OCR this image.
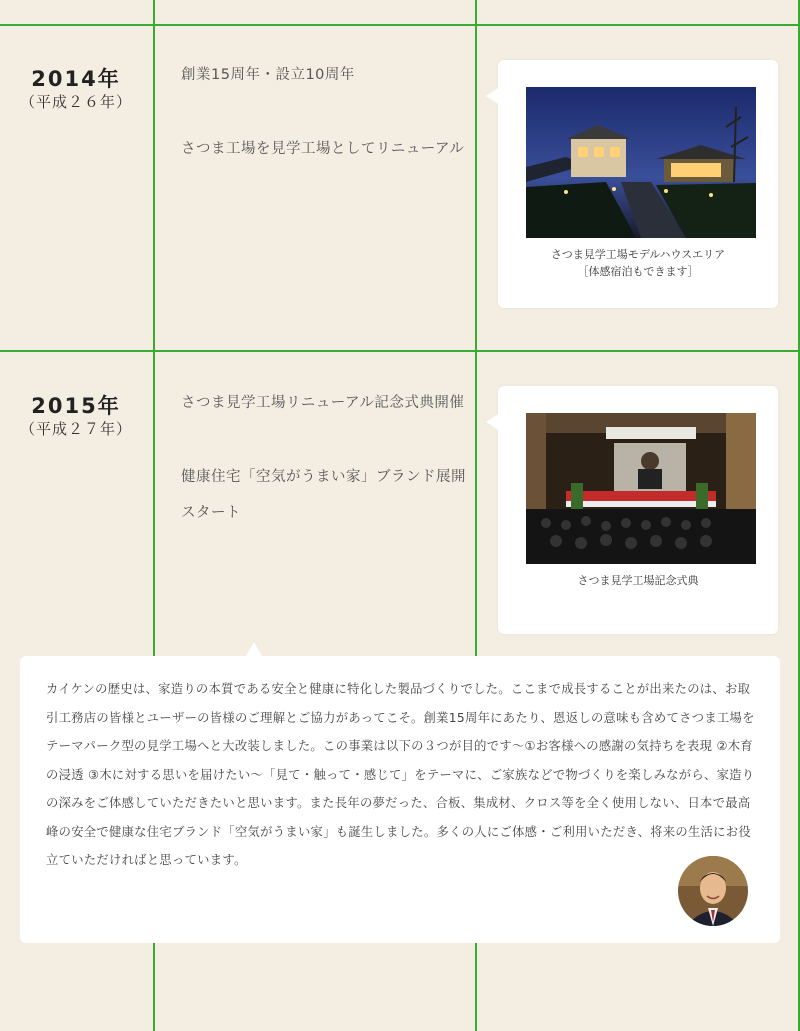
2014年
（平成２６年）
創業15周年・設立10周年
さつま工場を見学工場としてリニューアル
さつま見学工場モデルハウスエリア
［体感宿泊もできます］
2015年
（平成２７年）
さつま見学工場リニューアル記念式典開催
健康住宅「空気がうまい家」ブランド展開スタート
さつま見学工場記念式典
カイケンの歴史は、家造りの本質である安全と健康に特化した製品づくりでした。ここまで成長することが出来たのは、お取引工務店の皆様とユーザーの皆様のご理解とご協力があってこそ。創業15周年にあたり、恩返しの意味も含めてさつま工場をテーマパーク型の見学工場へと大改装しました。この事業は以下の３つが目的です〜①お客様への感謝の気持ちを表現 ②木育の浸透 ③木に対する思いを届けたい〜「見て・触って・感じて」をテーマに、ご家族などで物づくりを楽しみながら、家造りの深みをご体感していただきたいと思います。また長年の夢だった、合板、集成材、クロス等を全く使用しない、日本で最高峰の安全で健康な住宅ブランド「空気がうまい家」も誕生しました。多くの人にご体感・ご利用いただき、将来の生活にお役立ていただければと思っています。
